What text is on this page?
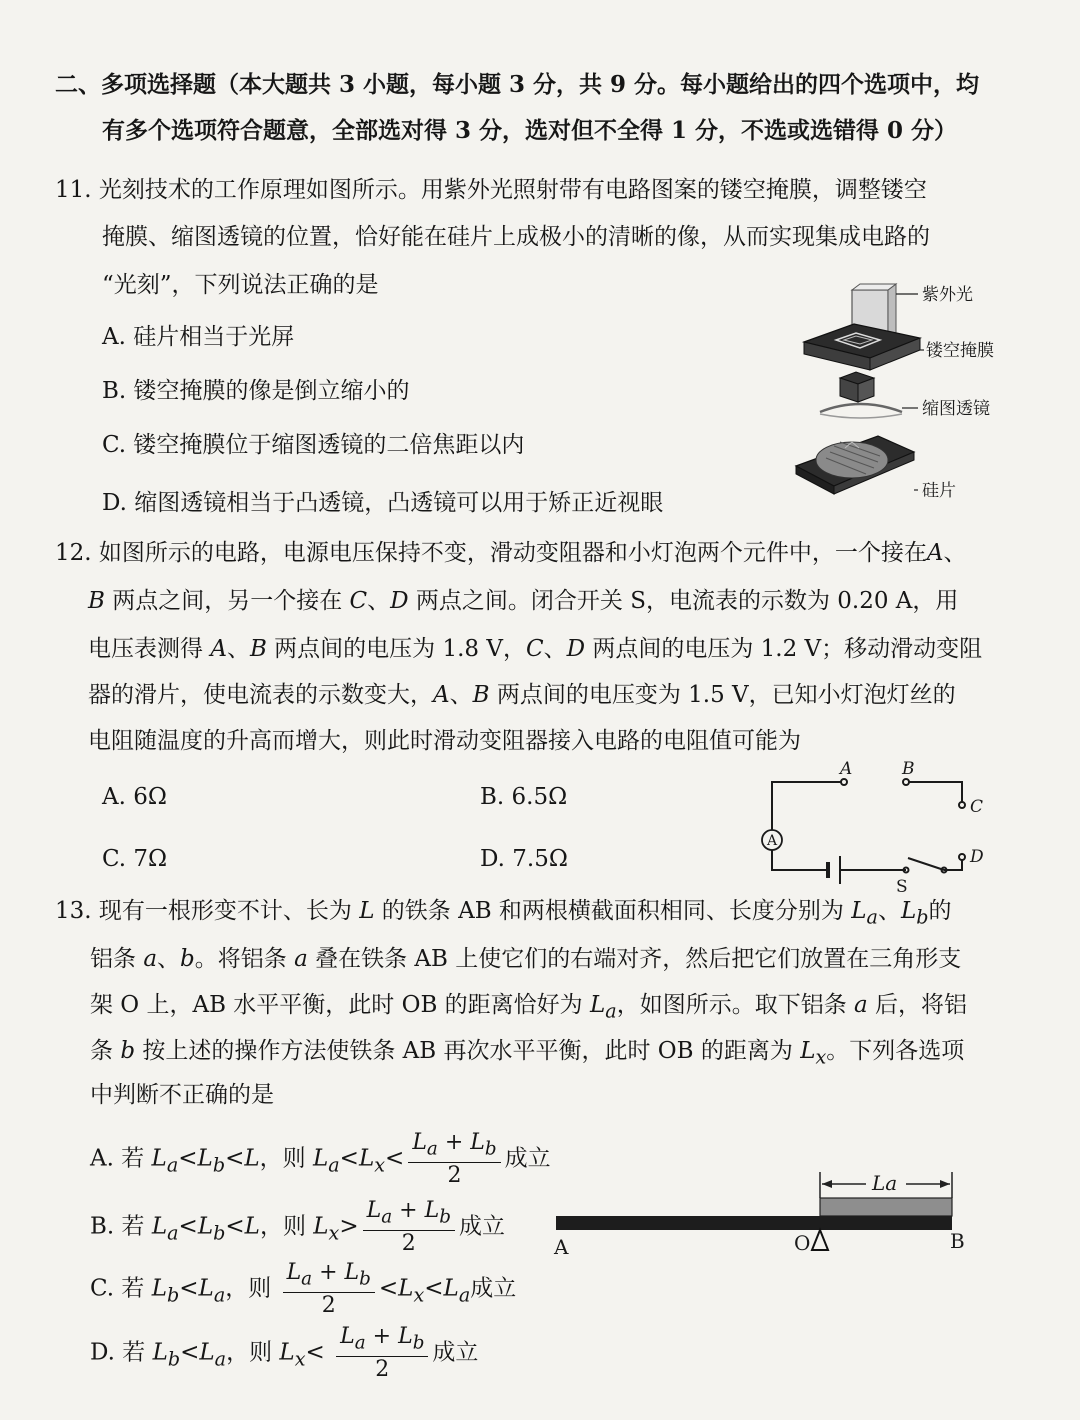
二、多项选择题（本大题共 3 小题，每小题 3 分，共 9 分。每小题给出的四个选项中，均
有多个选项符合题意，全部选对得 3 分，选对但不全得 1 分，不选或选错得 0 分）
11. 光刻技术的工作原理如图所示。用紫外光照射带有电路图案的镂空掩膜，调整镂空
掩膜、缩图透镜的位置，恰好能在硅片上成极小的清晰的像，从而实现集成电路的
“光刻”，下列说法正确的是
A. 硅片相当于光屏
B. 镂空掩膜的像是倒立缩小的
C. 镂空掩膜位于缩图透镜的二倍焦距以内
D. 缩图透镜相当于凸透镜，凸透镜可以用于矫正近视眼
紫外光
镂空掩膜
缩图透镜
硅片
12. 如图所示的电路，电源电压保持不变，滑动变阻器和小灯泡两个元件中，一个接在A、
B 两点之间，另一个接在 C、D 两点之间。闭合开关 S，电流表的示数为 0.20 A，用
电压表测得 A、B 两点间的电压为 1.8 V，C、D 两点间的电压为 1.2 V；移动滑动变阻
器的滑片，使电流表的示数变大，A、B 两点间的电压变为 1.5 V，已知小灯泡灯丝的
电阻随温度的升高而增大，则此时滑动变阻器接入电路的电阻值可能为
A. 6Ω	B. 6.5Ω
C. 7Ω	D. 7.5Ω
A
A	B
C
D
S
13. 现有一根形变不计、长为 L 的铁条 AB 和两根横截面积相同、长度分别为 $L_a$、$L_b$的
铝条 a、b。将铝条 a 叠在铁条 AB 上使它们的右端对齐，然后把它们放置在三角形支
架 O 上，AB 水平平衡，此时 OB 的距离恰好为 $L_a$，如图所示。取下铝条 a 后，将铝
条 b 按上述的操作方法使铁条 AB 再次水平平衡，此时 OB 的距离为 $L_x$。下列各选项
中判断不正确的是
A. 若 $L_a<L_b<L$，则 $L_a<L_x< \frac{L_a + L_b}{2}$ 成立
B. 若 $L_a<L_b<L$，则 $L_x> \frac{L_a + L_b}{2}$ 成立
C. 若 $L_b<L_a$，则 $\frac{L_a + L_b}{2} <L_x<L_a$成立
D. 若 $L_b<L_a$，则 $L_x< \frac{L_a + L_b}{2}$ 成立
La
A	O	B
